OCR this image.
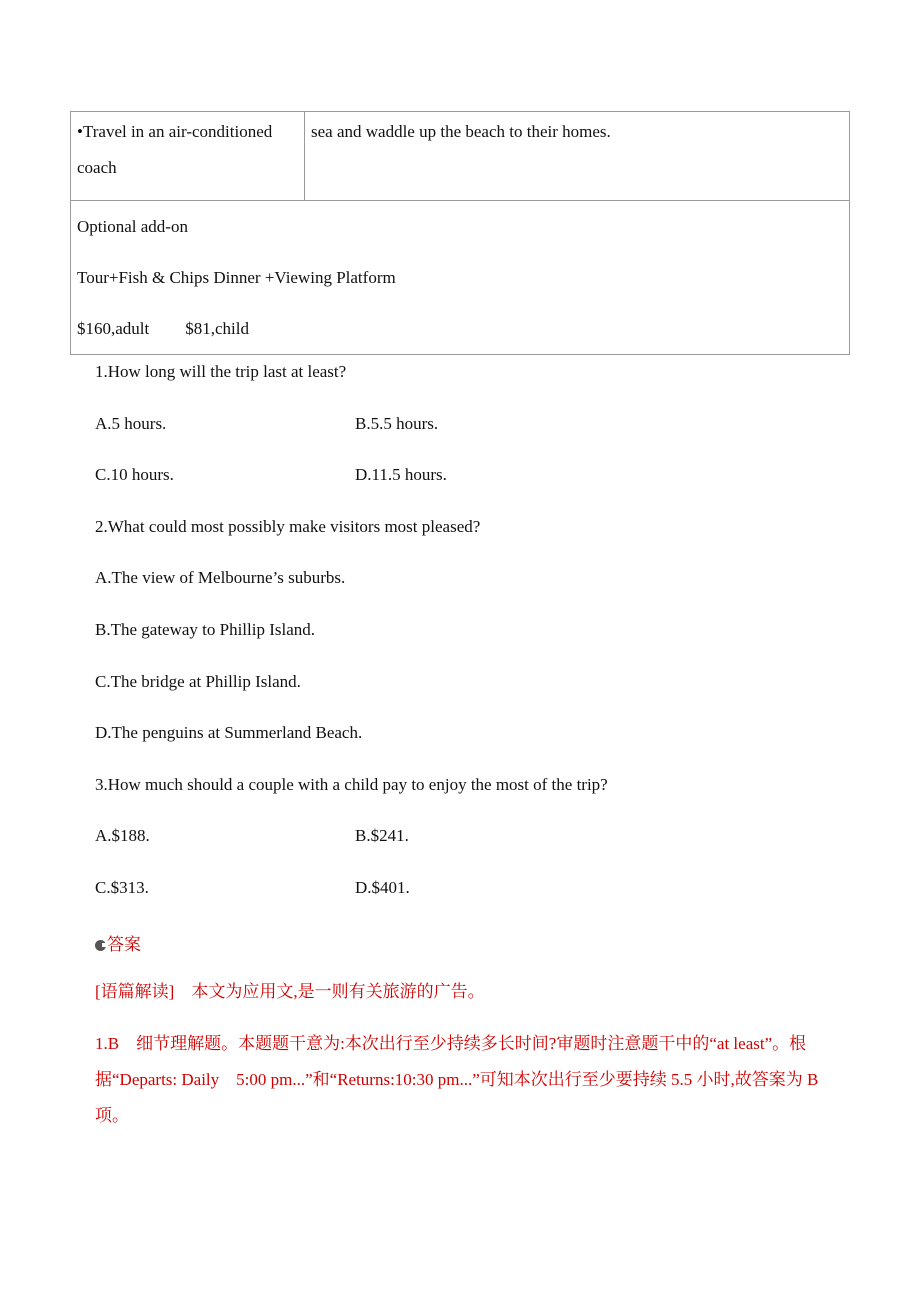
•Travel in an air-conditioned coach	sea and waddle up the beach to their homes.

Optional add-on
Tour+Fish & Chips Dinner +Viewing Platform
$160,adult $81,child
1.How long will the trip last at least?
A.5 hours.	B.5.5 hours.
C.10 hours.	D.11.5 hours.
2.What could most possibly make visitors most pleased?
A.The view of Melbourne’s suburbs.
B.The gateway to Phillip Island.
C.The bridge at Phillip Island.
D.The penguins at Summerland Beach.
3.How much should a couple with a child pay to enjoy the most of the trip?
A.$188.	B.$241.
C.$313.	D.$401.
答案
[语篇解读]　 本文为应用文,是一则有关旅游的广告。
1.B　细节理解题。本题题干意为:本次出行至少持续多长时间?审题时注意题干中的“at least”。根据“Departs: Daily　5:00 pm...”和“Returns:10:30 pm...”可知本次出行至少要持续 5.5 小时,故答案为 B 项。
